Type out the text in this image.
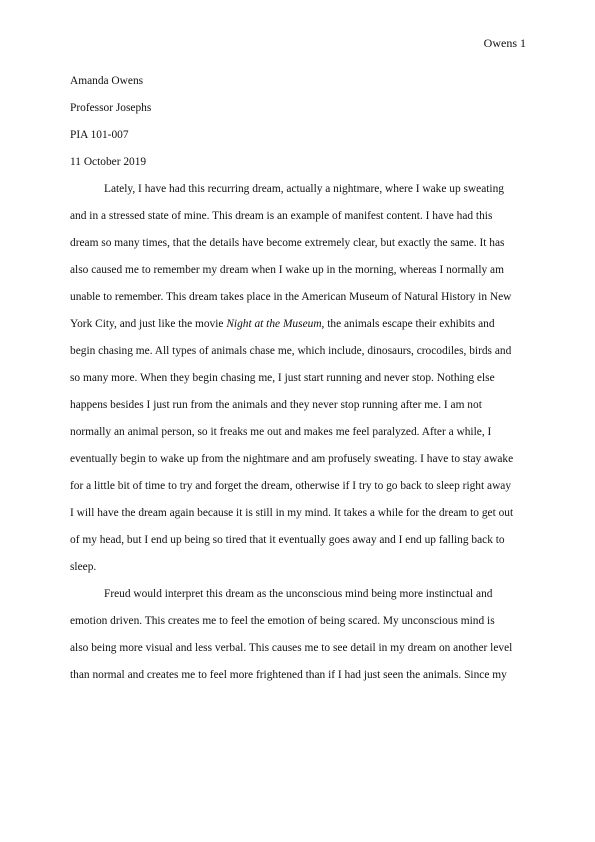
Owens 1
Amanda Owens
Professor Josephs
PIA 101-007
11 October 2019
Lately, I have had this recurring dream, actually a nightmare, where I wake up sweating
and in a stressed state of mine. This dream is an example of manifest content. I have had this
dream so many times, that the details have become extremely clear, but exactly the same. It has
also caused me to remember my dream when I wake up in the morning, whereas I normally am
unable to remember. This dream takes place in the American Museum of Natural History in New
York City, and just like the movie Night at the Museum, the animals escape their exhibits and
begin chasing me. All types of animals chase me, which include, dinosaurs, crocodiles, birds and
so many more. When they begin chasing me, I just start running and never stop. Nothing else
happens besides I just run from the animals and they never stop running after me. I am not
normally an animal person, so it freaks me out and makes me feel paralyzed. After a while, I
eventually begin to wake up from the nightmare and am profusely sweating. I have to stay awake
for a little bit of time to try and forget the dream, otherwise if I try to go back to sleep right away
I will have the dream again because it is still in my mind. It takes a while for the dream to get out
of my head, but I end up being so tired that it eventually goes away and I end up falling back to
sleep.
Freud would interpret this dream as the unconscious mind being more instinctual and
emotion driven. This creates me to feel the emotion of being scared. My unconscious mind is
also being more visual and less verbal. This causes me to see detail in my dream on another level
than normal and creates me to feel more frightened than if I had just seen the animals. Since my
